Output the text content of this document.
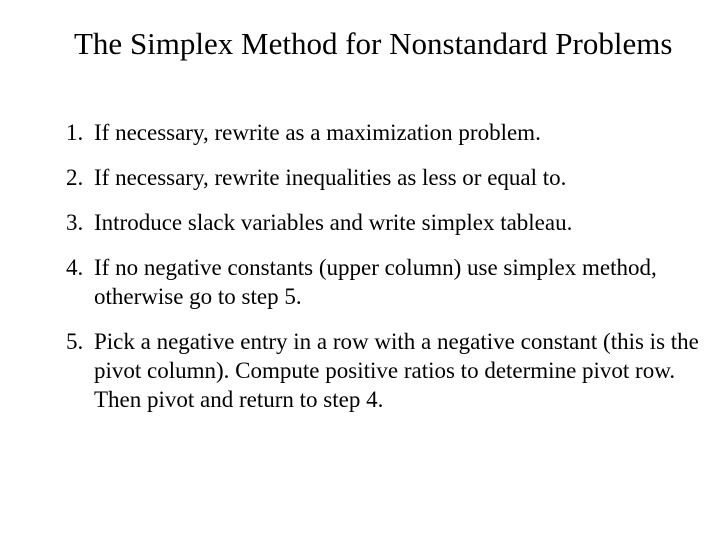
The Simplex Method for Nonstandard Problems
1. If necessary, rewrite as a maximization problem.
2. If necessary, rewrite inequalities as less or equal to.
3. Introduce slack variables and write simplex tableau.
4. If no negative constants (upper column) use simplex method, otherwise go to step 5.
5. Pick a negative entry in a row with a negative constant (this is the pivot column). Compute positive ratios to determine pivot row. Then pivot and return to step 4.
